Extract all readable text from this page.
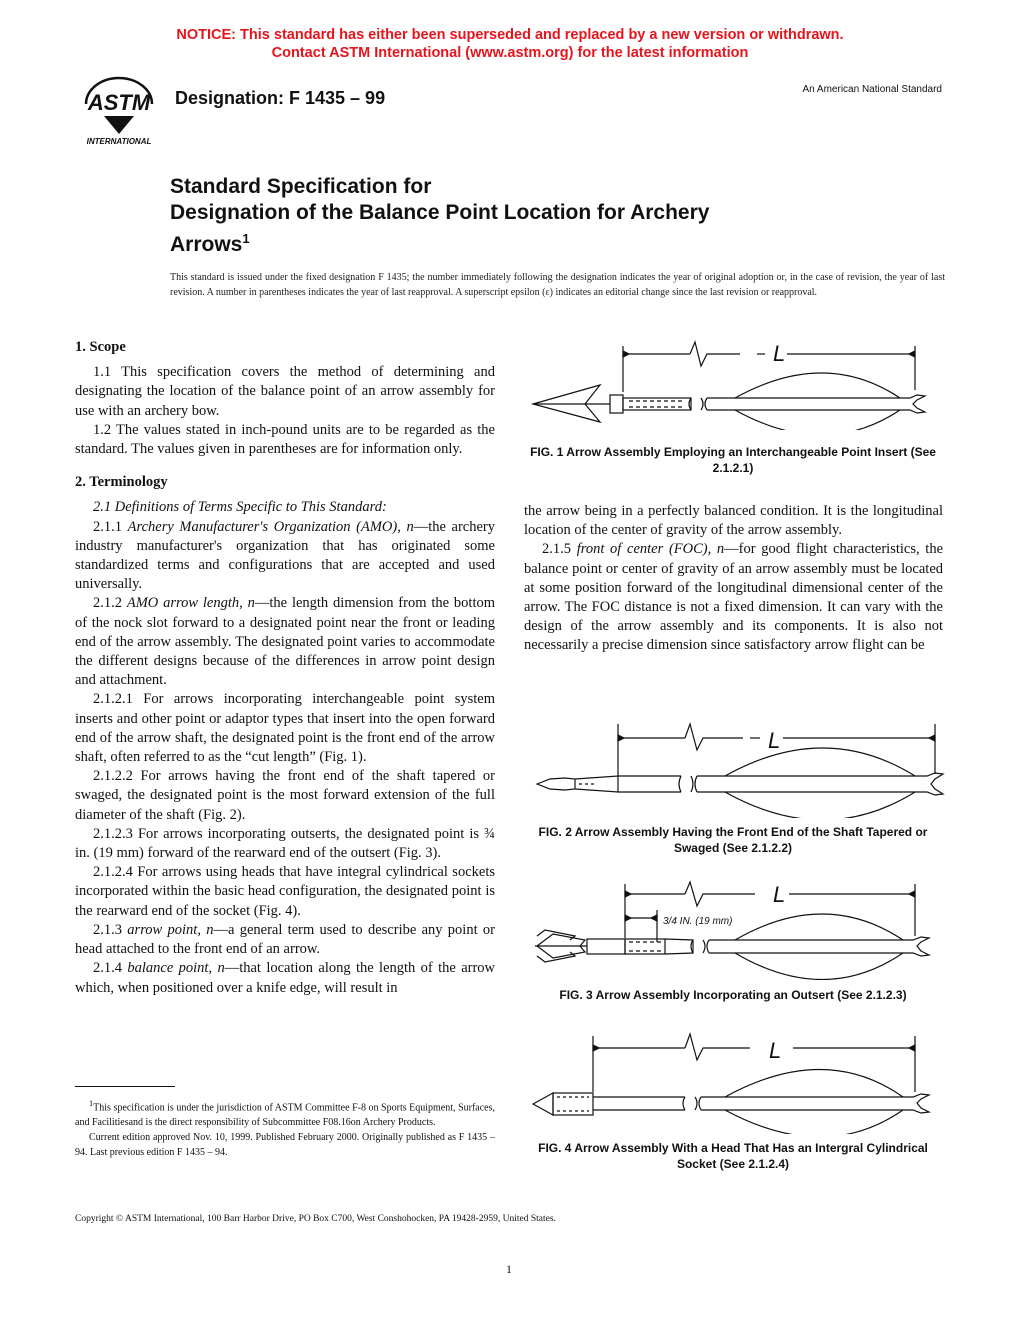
NOTICE: This standard has either been superseded and replaced by a new version or withdrawn.
Contact ASTM International (www.astm.org) for the latest information
ASTM
INTERNATIONAL
Designation: F 1435 – 99	An American National Standard
Standard Specification for
Designation of the Balance Point Location for Archery
Arrows$^1$
This standard is issued under the fixed designation F 1435; the number immediately following the designation indicates the year of original adoption or, in the case of revision, the year of last revision. A number in parentheses indicates the year of last reapproval. A superscript epsilon (ε) indicates an editorial change since the last revision or reapproval.

1. Scope

1.1 This specification covers the method of determining and designating the location of the balance point of an arrow assembly for use with an archery bow.

1.2 The values stated in inch-pound units are to be regarded as the standard. The values given in parentheses are for information only.

2. Terminology

2.1 Definitions of Terms Specific to This Standard:

2.1.1 Archery Manufacturer's Organization (AMO), n—the archery industry manufacturer's organization that has originated some standardized terms and configurations that are accepted and used universally.

2.1.2 AMO arrow length, n—the length dimension from the bottom of the nock slot forward to a designated point near the front or leading end of the arrow assembly. The designated point varies to accommodate the different designs because of the differences in arrow point design and attachment.

2.1.2.1 For arrows incorporating interchangeable point system inserts and other point or adaptor types that insert into the open forward end of the arrow shaft, the designated point is the front end of the arrow shaft, often referred to as the “cut length” (Fig. 1).

2.1.2.2 For arrows having the front end of the shaft tapered or swaged, the designated point is the most forward extension of the full diameter of the shaft (Fig. 2).

2.1.2.3 For arrows incorporating outserts, the designated point is ¾ in. (19 mm) forward of the rearward end of the outsert (Fig. 3).

2.1.2.4 For arrows using heads that have integral cylindrical sockets incorporated within the basic head configuration, the designated point is the rearward end of the socket (Fig. 4).

2.1.3 arrow point, n—a general term used to describe any point or head attached to the front end of an arrow.

2.1.4 balance point, n—that location along the length of the arrow which, when positioned over a knife edge, will result in

the arrow being in a perfectly balanced condition. It is the longitudinal location of the center of gravity of the arrow assembly.

2.1.5 front of center (FOC), n—for good flight characteristics, the balance point or center of gravity of an arrow assembly must be located at some position forward of the longitudinal dimensional center of the arrow. The FOC distance is not a fixed dimension. It can vary with the design of the arrow assembly and its components. It is also not necessarily a precise dimension since satisfactory arrow flight can be

L
FIG. 1 Arrow Assembly Employing an Interchangeable Point Insert (See 2.1.2.1)
L
FIG. 2 Arrow Assembly Having the Front End of the Shaft Tapered or Swaged (See 2.1.2.2)
L
3/4 IN. (19 mm)
FIG. 3 Arrow Assembly Incorporating an Outsert (See 2.1.2.3)
L
FIG. 4 Arrow Assembly With a Head That Has an Intergral Cylindrical Socket (See 2.1.2.4)

$^1$This specification is under the jurisdiction of ASTM Committee F-8 on Sports Equipment, Surfaces, and Facilitiesand is the direct responsibility of Subcommittee F08.16on Archery Products.

Current edition approved Nov. 10, 1999. Published February 2000. Originally published as F 1435 – 94. Last previous edition F 1435 – 94.

Copyright © ASTM International, 100 Barr Harbor Drive, PO Box C700, West Conshohocken, PA 19428-2959, United States.
1
